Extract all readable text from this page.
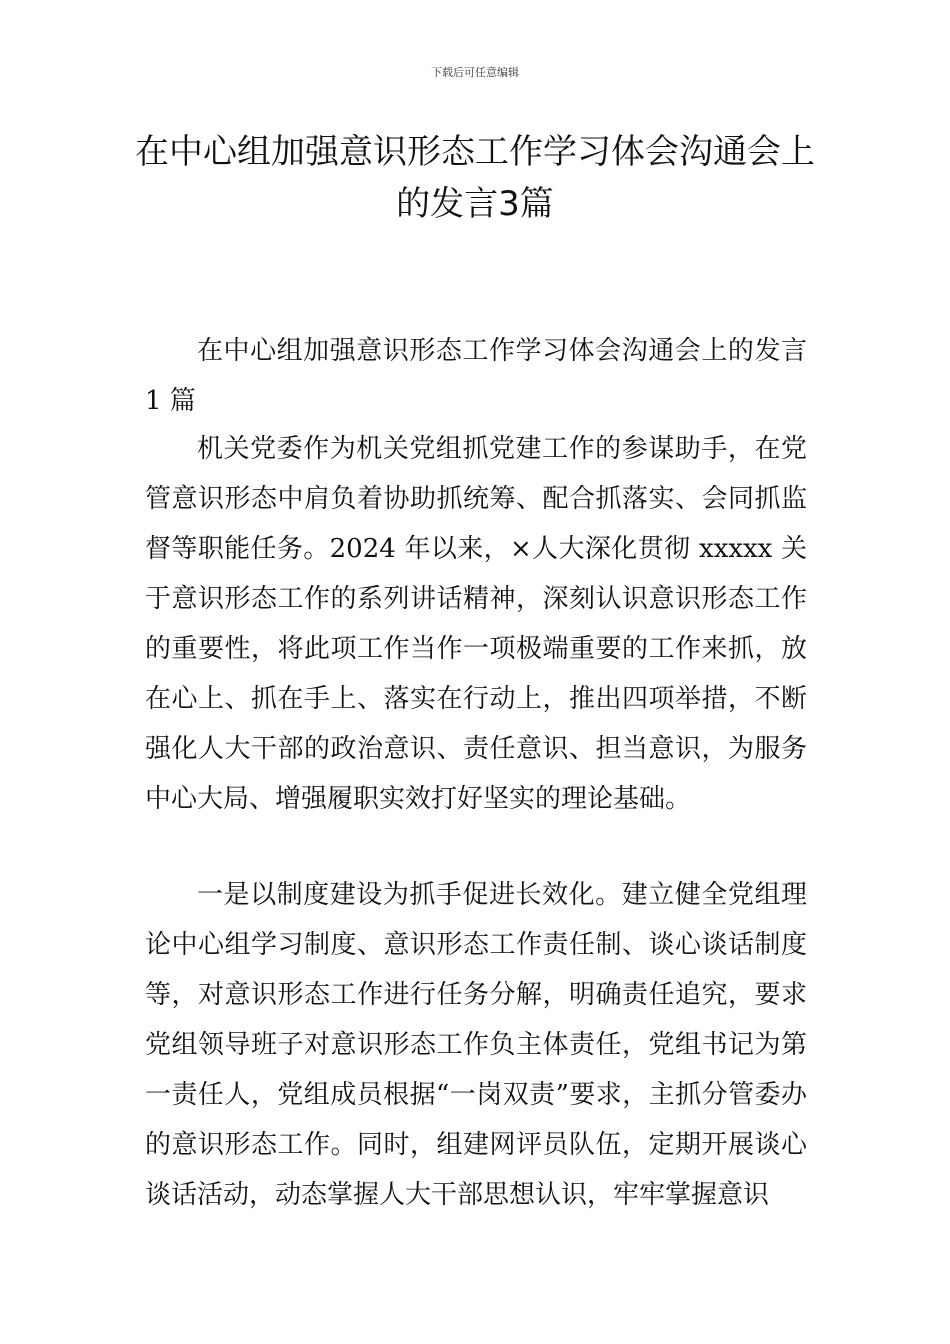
下载后可任意编辑
在中心组加强意识形态工作学习体会沟通会上的发言3篇

在中心组加强意识形态工作学习体会沟通会上的发言 1 篇

机关党委作为机关党组抓党建工作的参谋助手，在党管意识形态中肩负着协助抓统筹、配合抓落实、会同抓监督等职能任务。2024 年以来，×人大深化贯彻 xxxxx 关于意识形态工作的系列讲话精神，深刻认识意识形态工作的重要性，将此项工作当作一项极端重要的工作来抓，放在心上、抓在手上、落实在行动上，推出四项举措，不断强化人大干部的政治意识、责任意识、担当意识，为服务中心大局、增强履职实效打好坚实的理论基础。

一是以制度建设为抓手促进长效化。建立健全党组理论中心组学习制度、意识形态工作责任制、谈心谈话制度等，对意识形态工作进行任务分解，明确责任追究，要求党组领导班子对意识形态工作负主体责任，党组书记为第一责任人，党组成员根据“一岗双责”要求，主抓分管委办的意识形态工作。同时，组建网评员队伍，定期开展谈心谈话活动，动态掌握人大干部思想认识，牢牢掌握意识
